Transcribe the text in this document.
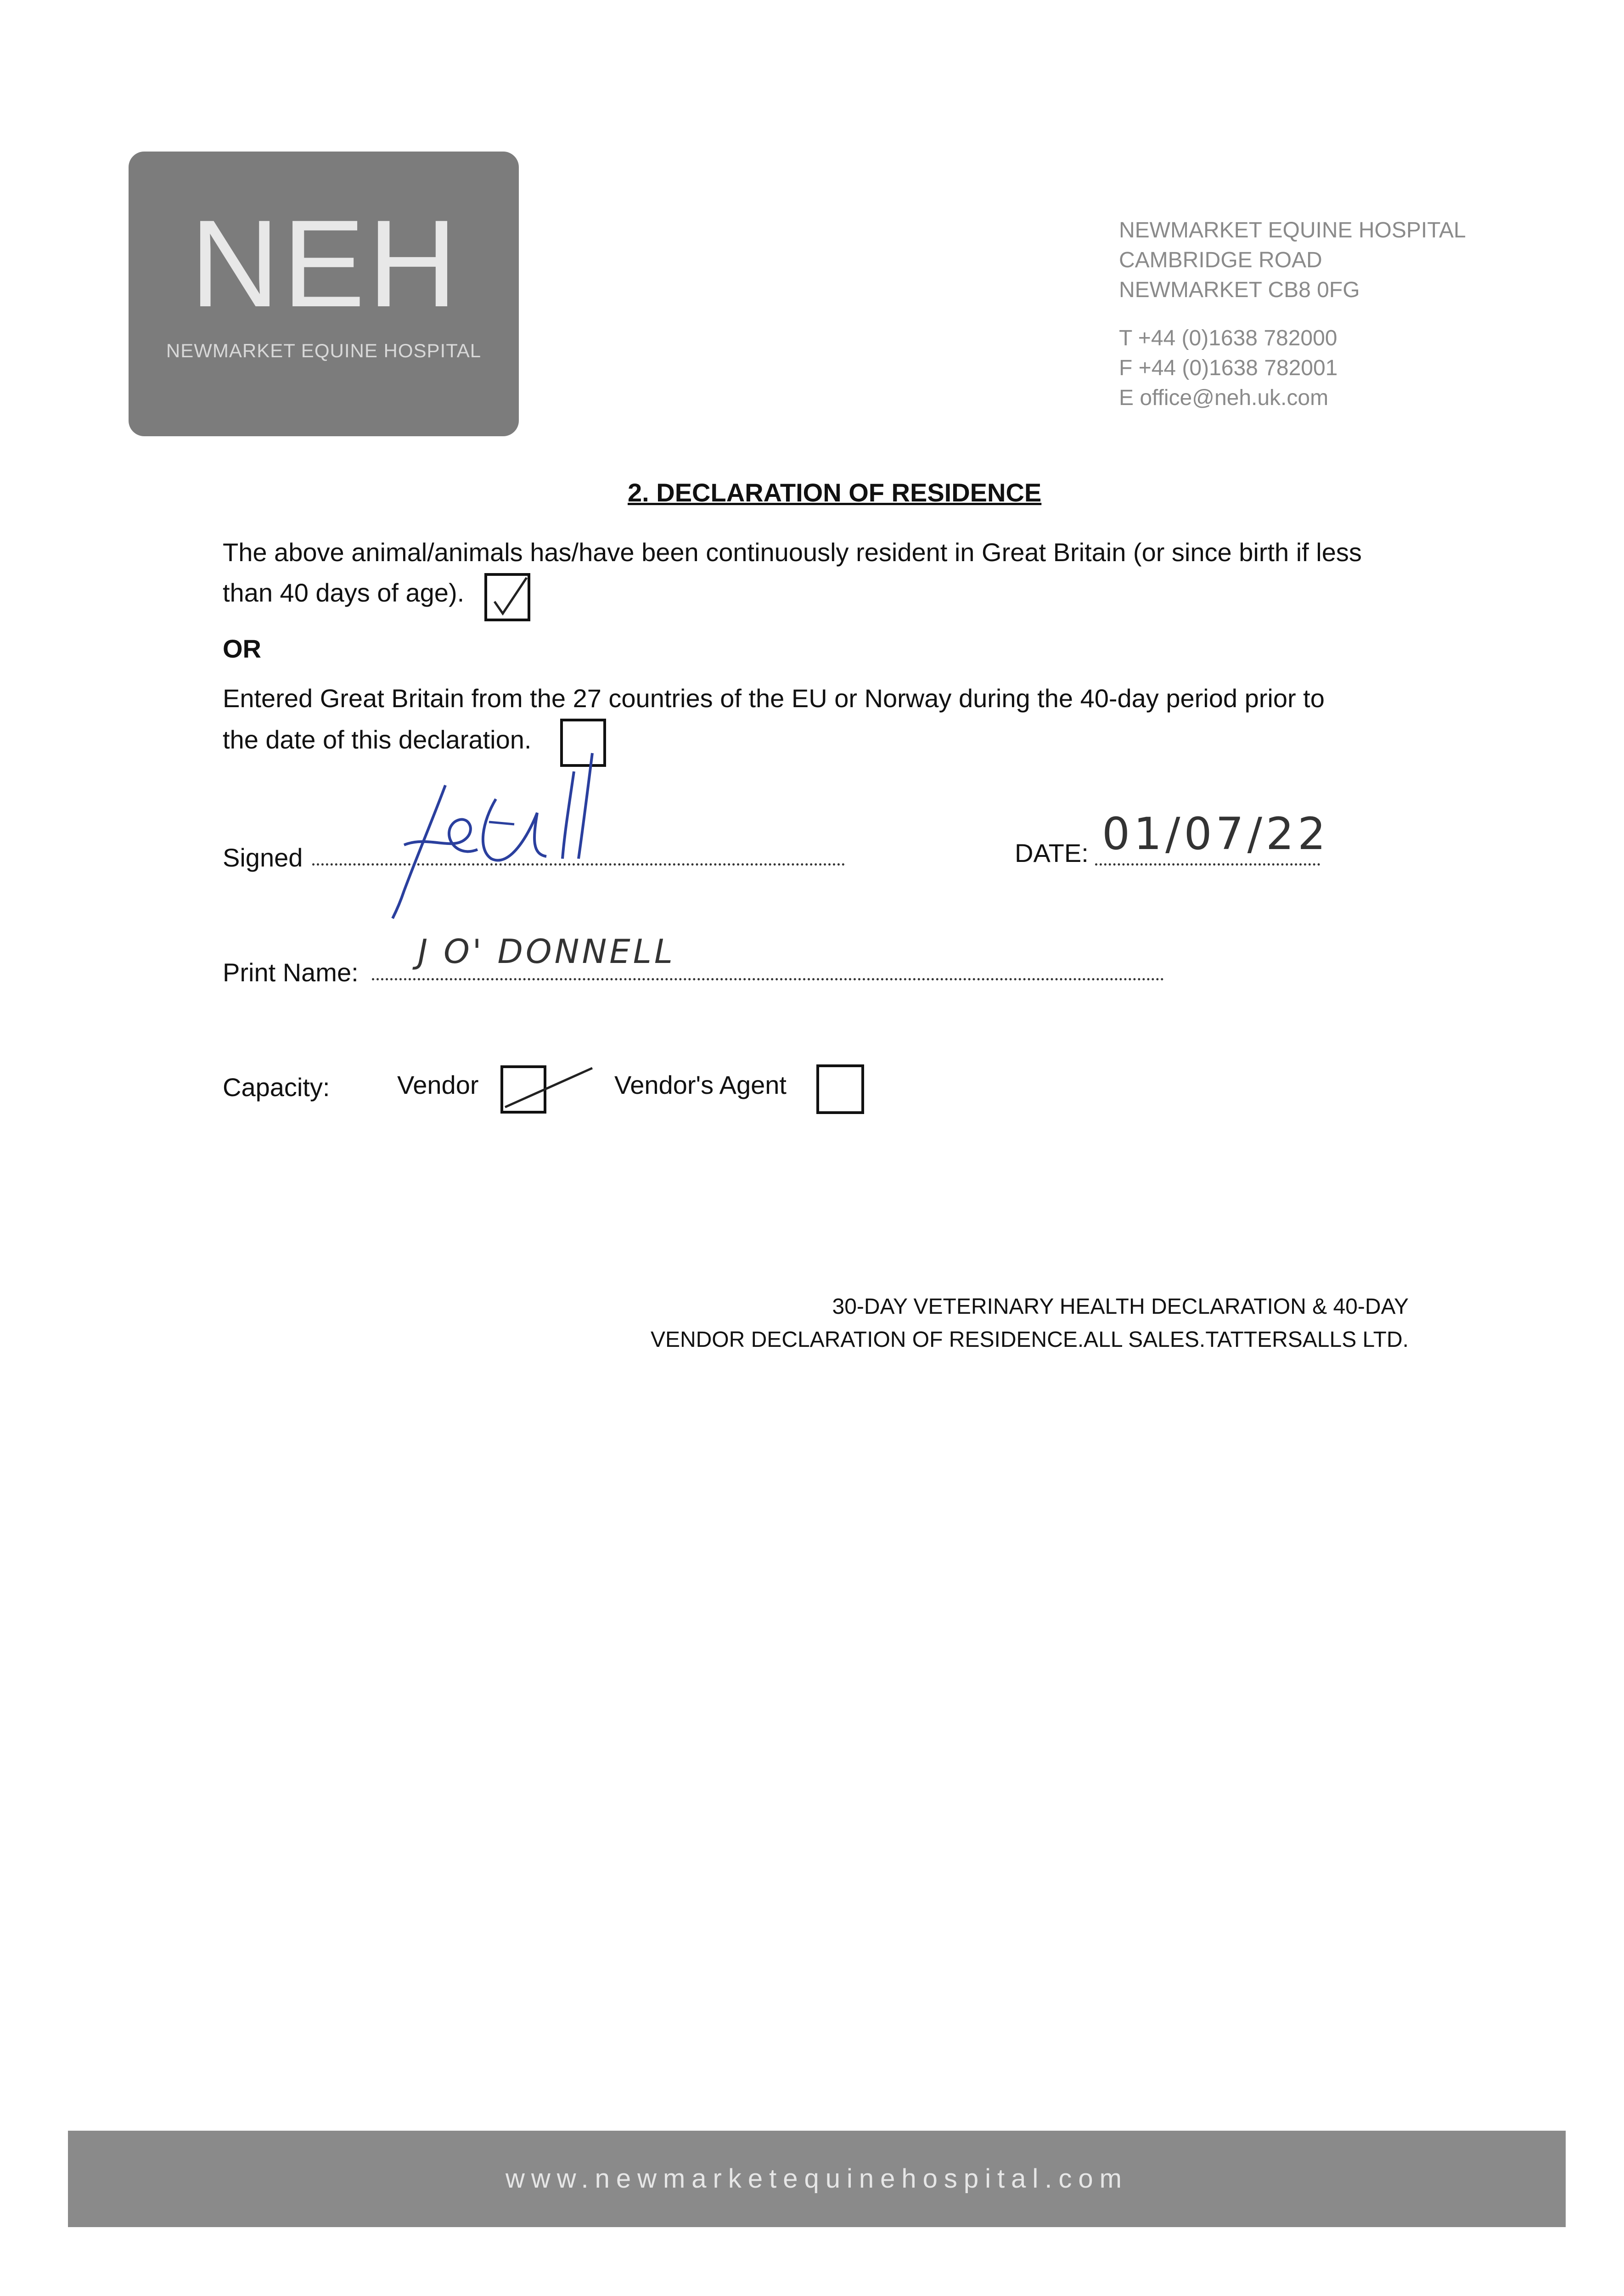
NEH
NEWMARKET EQUINE HOSPITAL
NEWMARKET EQUINE HOSPITAL
CAMBRIDGE ROAD
NEWMARKET CB8 0FG
T +44 (0)1638 782000
F +44 (0)1638 782001
E office@neh.uk.com
2. DECLARATION OF RESIDENCE
The above animal/animals has/have been continuously resident in Great Britain (or since birth if less
than 40 days of age).
OR
Entered Great Britain from the 27 countries of the EU or Norway during the 40-day period prior to
the date of this declaration.
Signed	DATE: 01/07/22
Print Name:
J O' DONNELL
Capacity:	Vendor	Vendor's Agent
30-DAY VETERINARY HEALTH DECLARATION & 40-DAY
VENDOR DECLARATION OF RESIDENCE.ALL SALES.TATTERSALLS LTD.
www.newmarketequinehospital.com
